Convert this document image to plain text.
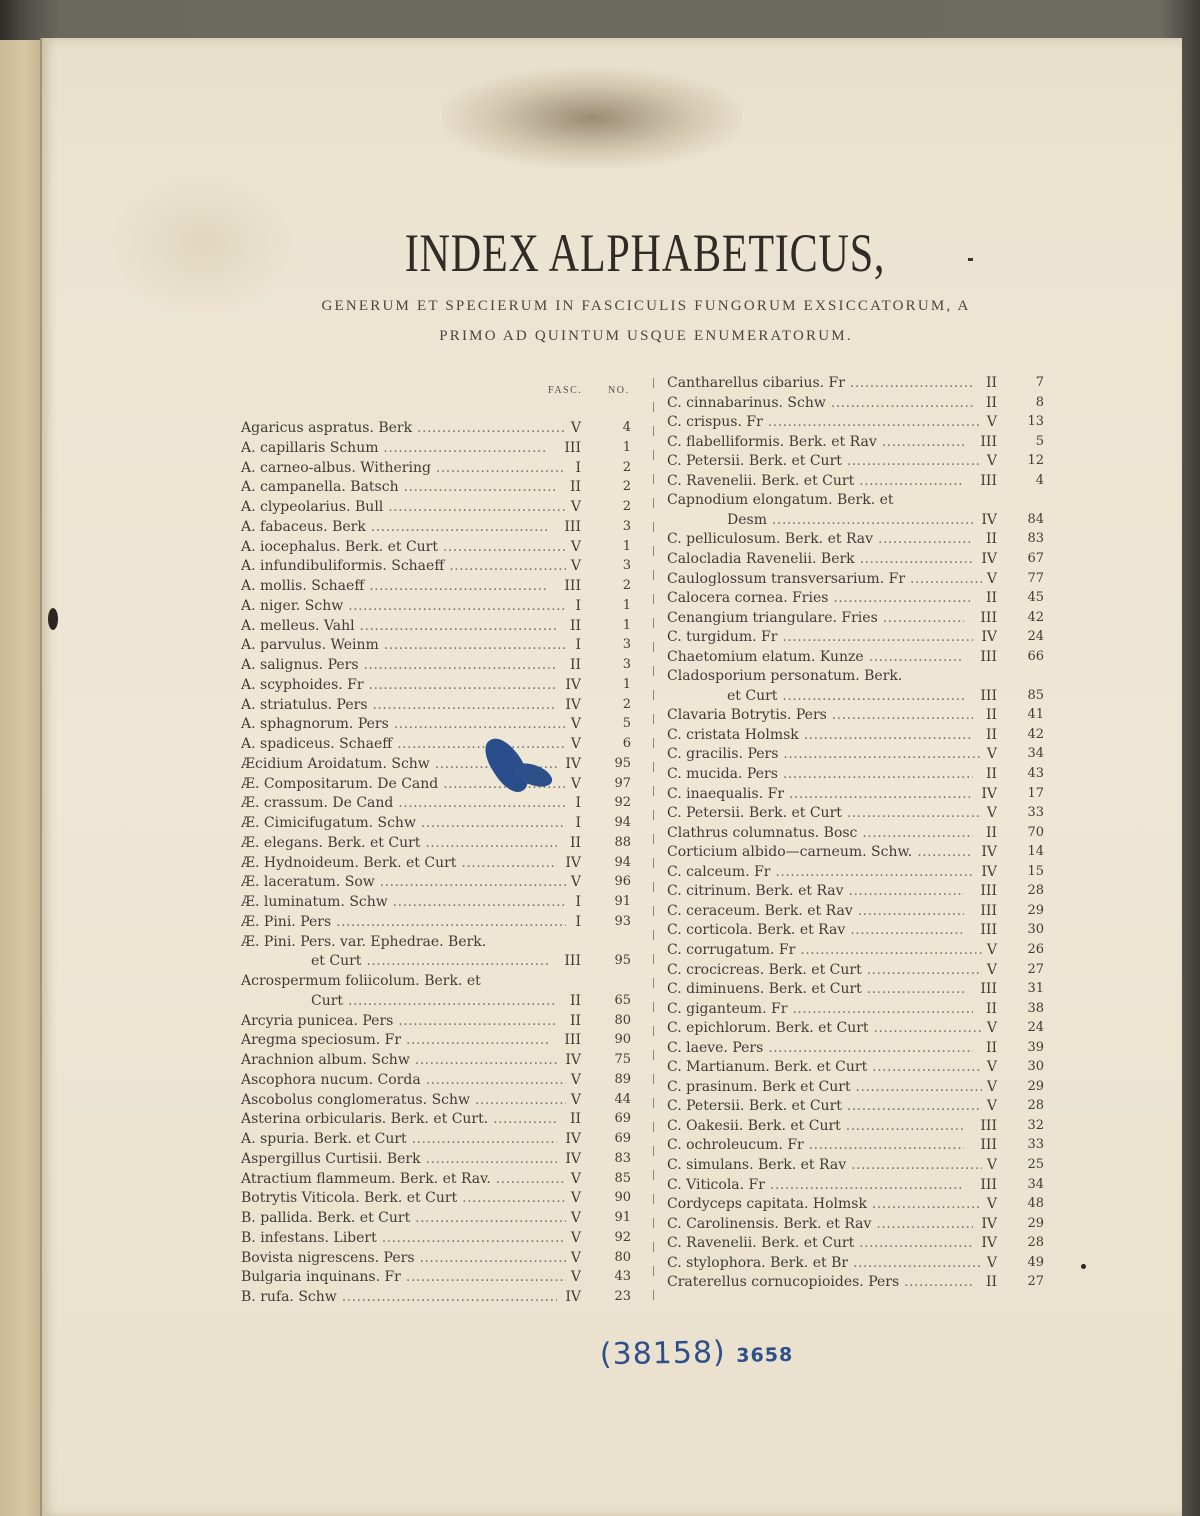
INDEX ALPHABETICUS,
GENERUM ET SPECIERUM IN FASCICULIS FUNGORUM EXSICCATORUM, A
PRIMO AD QUINTUM USQUE ENUMERATORUM.
FASC.	NO.
Agaricus aspratus. Berk .....	V	4
A. capillaris Schum .....	III	1
A. carneo-albus. Withering .....	I	2
A. campanella. Batsch .....	II	2
A. clypeolarius. Bull .....	V	2
A. fabaceus. Berk .....	III	3
A. iocephalus. Berk. et Curt .....	V	1
A. infundibuliformis. Schaeff .....	V	3
A. mollis. Schaeff .....	III	2
A. niger. Schw .....	I	1
A. melleus. Vahl .....	II	1
A. parvulus. Weinm .....	I	3
A. salignus. Pers .....	II	3
A. scyphoides. Fr .....	IV	1
A. striatulus. Pers .....	IV	2
A. sphagnorum. Pers .....	V	5
A. spadiceus. Schaeff .....	V	6
Æcidium Aroidatum. Schw .....	IV	95
Æ. Compositarum. De Cand .....	V	97
Æ. crassum. De Cand .....	I	92
Æ. Cimicifugatum. Schw .....	I	94
Æ. elegans. Berk. et Curt .....	II	88
Æ. Hydnoideum. Berk. et Curt .....	IV	94
Æ. laceratum. Sow .....	V	96
Æ. luminatum. Schw .....	I	91
Æ. Pini. Pers .....	I	93
Æ. Pini. Pers. var. Ephedrae. Berk.
et Curt .....	III	95
Acrospermum foliicolum. Berk. et
Curt .....	II	65
Arcyria punicea. Pers .....	II	80
Aregma speciosum. Fr .....	III	90
Arachnion album. Schw .....	IV	75
Ascophora nucum. Corda .....	V	89
Ascobolus conglomeratus. Schw .....	V	44
Asterina orbicularis. Berk. et Curt. .....	II	69
A. spuria. Berk. et Curt .....	IV	69
Aspergillus Curtisii. Berk .....	IV	83
Atractium flammeum. Berk. et Rav. .....	V	85
Botrytis Viticola. Berk. et Curt .....	V	90
B. pallida. Berk. et Curt .....	V	91
B. infestans. Libert .....	V	92
Bovista nigrescens. Pers .....	V	80
Bulgaria inquinans. Fr .....	V	43
B. rufa. Schw .....	IV	23
Cantharellus cibarius. Fr .....	II	7
C. cinnabarinus. Schw .....	II	8
C. crispus. Fr .....	V	13
C. flabelliformis. Berk. et Rav .....	III	5
C. Petersii. Berk. et Curt .....	V	12
C. Ravenelii. Berk. et Curt .....	III	4
Capnodium elongatum. Berk. et
Desm .....	IV	84
C. pelliculosum. Berk. et Rav .....	II	83
Calocladia Ravenelii. Berk .....	IV	67
Cauloglossum transversarium. Fr .....	V	77
Calocera cornea. Fries .....	II	45
Cenangium triangulare. Fries .....	III	42
C. turgidum. Fr .....	IV	24
Chaetomium elatum. Kunze .....	III	66
Cladosporium personatum. Berk.
et Curt .....	III	85
Clavaria Botrytis. Pers .....	II	41
C. cristata Holmsk .....	II	42
C. gracilis. Pers .....	V	34
C. mucida. Pers .....	II	43
C. inaequalis. Fr .....	IV	17
C. Petersii. Berk. et Curt .....	V	33
Clathrus columnatus. Bosc .....	II	70
Corticium albido—carneum. Schw. .....	IV	14
C. calceum. Fr .....	IV	15
C. citrinum. Berk. et Rav .....	III	28
C. ceraceum. Berk. et Rav .....	III	29
C. corticola. Berk. et Rav .....	III	30
C. corrugatum. Fr .....	V	26
C. crocicreas. Berk. et Curt .....	V	27
C. diminuens. Berk. et Curt .....	III	31
C. giganteum. Fr .....	II	38
C. epichlorum. Berk. et Curt .....	V	24
C. laeve. Pers .....	II	39
C. Martianum. Berk. et Curt .....	V	30
C. prasinum. Berk et Curt .....	V	29
C. Petersii. Berk. et Curt .....	V	28
C. Oakesii. Berk. et Curt .....	III	32
C. ochroleucum. Fr .....	III	33
C. simulans. Berk. et Rav .....	V	25
C. Viticola. Fr .....	III	34
Cordyceps capitata. Holmsk .....	V	48
C. Carolinensis. Berk. et Rav .....	IV	29
C. Ravenelii. Berk. et Curt .....	IV	28
C. stylophora. Berk. et Br .....	V	49
Craterellus cornucopioides. Pers .....	II	27
(38158) 3658
